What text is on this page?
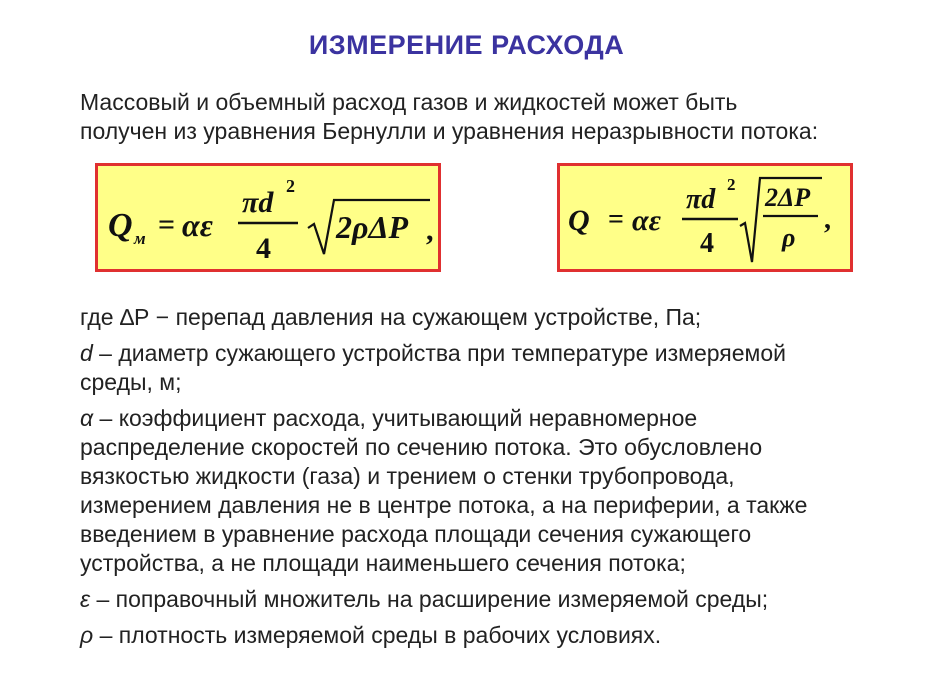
ИЗМЕРЕНИЕ РАСХОДА
Массовый и объемный расход газов и жидкостей может быть
получен из уравнения Бернулли и уравнения неразрывности потока:
Q м = αε
πd 2
4
2ρΔP ,	Q = αε
πd 2
4
2ΔP
ρ
,
где ∆Р − перепад давления на сужающем устройстве, Па;
d – диаметр сужающего устройства при температуре измеряемой
среды, м;
α – коэффициент расхода, учитывающий неравномерное
распределение скоростей по сечению потока. Это обусловлено
вязкостью жидкости (газа) и трением о стенки трубопровода,
измерением давления не в центре потока, а на периферии, а также
введением в уравнение расхода площади сечения сужающего
устройства, а не площади наименьшего сечения потока;
ε – поправочный множитель на расширение измеряемой среды;
ρ – плотность измеряемой среды в рабочих условиях.
